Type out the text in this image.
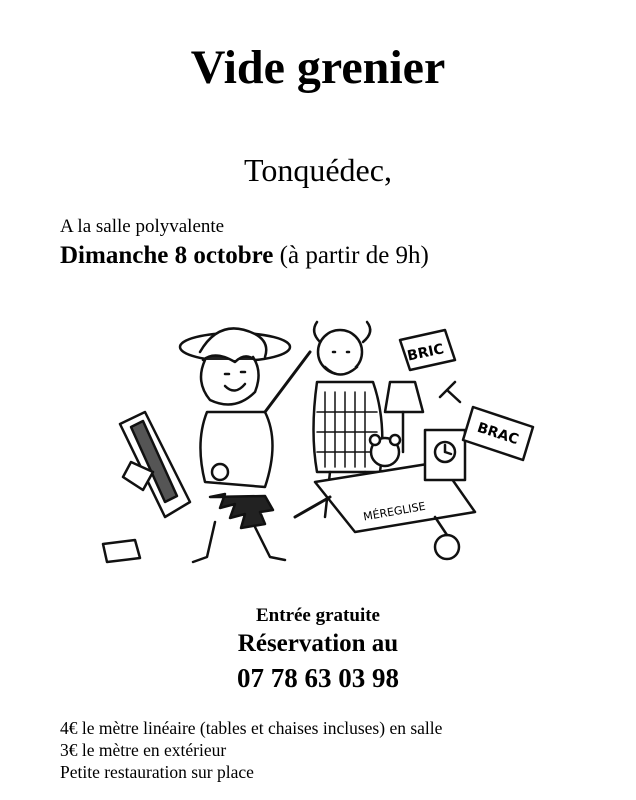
Vide grenier
Tonquédec,
A la salle polyvalente
Dimanche 8 octobre (à partir de 9h)
BRIC
BRAC
MÉREGLISE
Entrée gratuite
Réservation au
07 78 63 03 98
4€ le mètre linéaire (tables et chaises incluses) en salle
3€ le mètre en extérieur
Petite restauration sur place
